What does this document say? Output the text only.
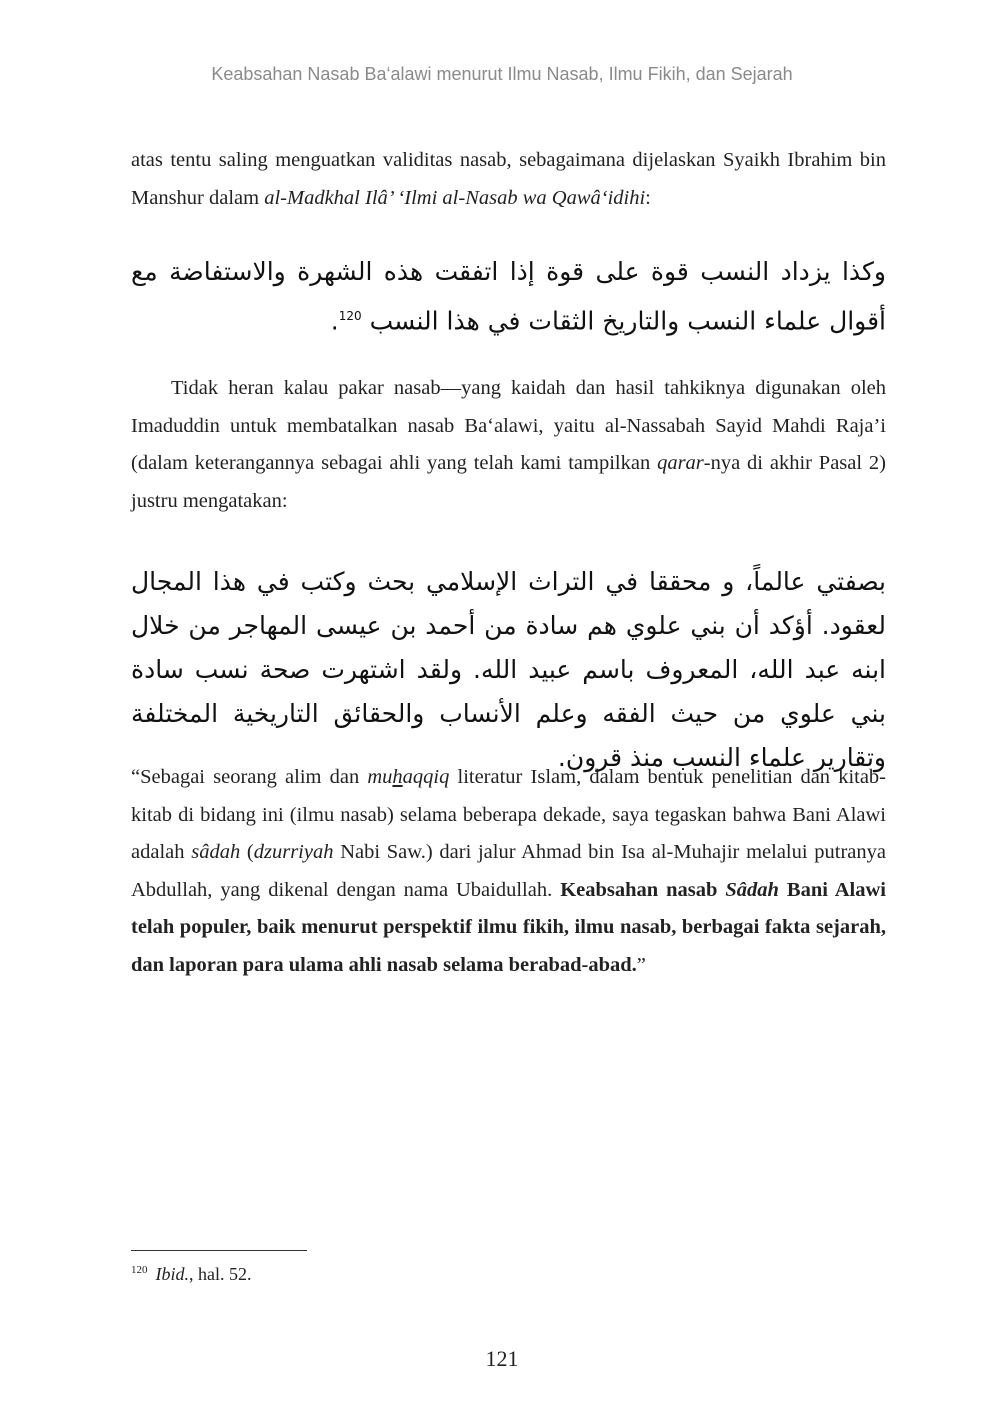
Keabsahan Nasab Ba‘alawi menurut Ilmu Nasab, Ilmu Fikih, dan Sejarah

atas tentu saling menguatkan validitas nasab, sebagaimana dijelaskan Syaikh Ibrahim bin Manshur dalam al-Madkhal Ilâ’ ‘Ilmi al-Nasab wa Qawâ‘idihi:

وكذا يزداد النسب قوة على قوة إذا اتفقت هذه الشهرة والاستفاضة مع أقوال علماء النسب والتاريخ الثقات في هذا النسب $^{120}$.

Tidak heran kalau pakar nasab—yang kaidah dan hasil tahkiknya digunakan oleh Imaduddin untuk membatalkan nasab Ba‘alawi, yaitu al-Nassabah Sayid Mahdi Raja’i (dalam keterangannya sebagai ahli yang telah kami tampilkan qarar-nya di akhir Pasal 2) justru mengatakan:

بصفتي عالماً، و محققا في التراث الإسلامي بحث وكتب في هذا المجال لعقود. أؤكد أن بني علوي هم سادة من أحمد بن عيسى المهاجر من خلال ابنه عبد الله، المعروف باسم عبيد الله. ولقد اشتهرت صحة نسب سادة بني علوي من حيث الفقه وعلم الأنساب والحقائق التاريخية المختلفة وتقارير علماء النسب منذ قرون.

“Sebagai seorang alim dan muhaqqiq literatur Islam, dalam bentuk penelitian dan kitab-kitab di bidang ini (ilmu nasab) selama beberapa dekade, saya tegaskan bahwa Bani Alawi adalah sâdah (dzurriyah Nabi Saw.) dari jalur Ahmad bin Isa al-Muhajir melalui putranya Abdullah, yang dikenal dengan nama Ubaidullah. Keabsahan nasab Sâdah Bani Alawi telah populer, baik menurut perspektif ilmu fikih, ilmu nasab, berbagai fakta sejarah, dan laporan para ulama ahli nasab selama berabad-abad.”

$^{120}$ Ibid., hal. 52.
121
